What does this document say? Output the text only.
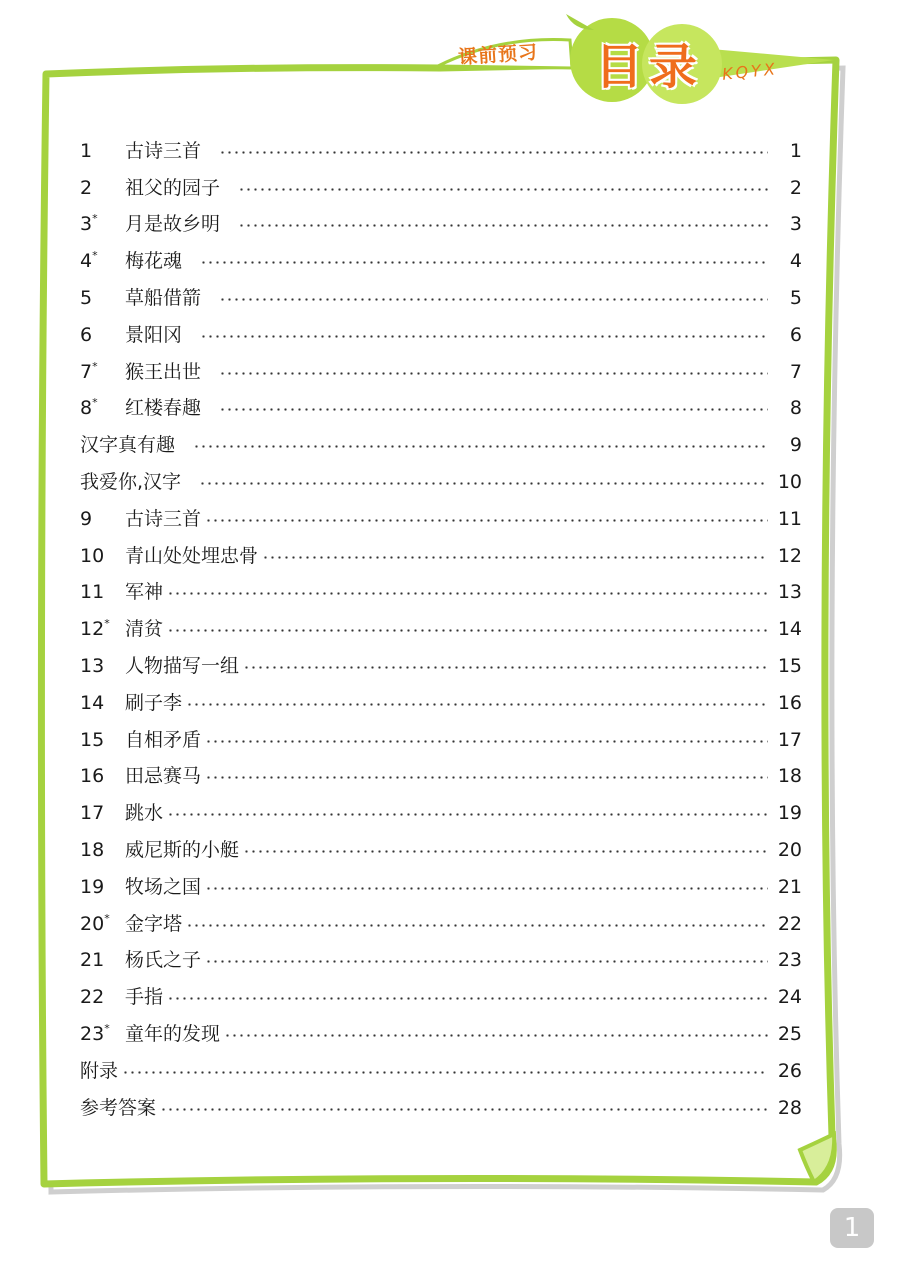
课前预习	目录	KQYX
1	古诗三首	1
2	祖父的园子	2
3*	月是故乡明	3
4*	梅花魂	4
5	草船借箭	5
6	景阳冈	6
7*	猴王出世	7
8*	红楼春趣	8
汉字真有趣	9
我爱你,汉字	10
9	古诗三首	11
10	青山处处埋忠骨	12
11	军神	13
12* 清贫	14
13	人物描写一组	15
14	刷子李	16
15	自相矛盾	17
16	田忌赛马	18
17	跳水	19
18	威尼斯的小艇	20
19	牧场之国	21
20* 金字塔	22
21	杨氏之子	23
22	手指	24
23* 童年的发现	25
附录	26
参考答案	28
1
